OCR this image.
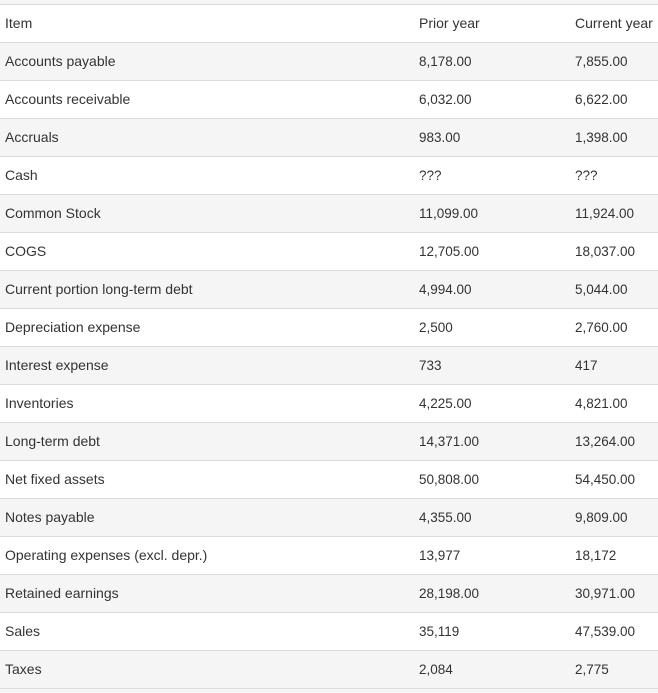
Item	Prior year	Current year
Accounts payable	8,178.00	7,855.00
Accounts receivable	6,032.00	6,622.00
Accruals	983.00	1,398.00
Cash	???	???
Common Stock	11,099.00	11,924.00
COGS	12,705.00	18,037.00
Current portion long-term debt	4,994.00	5,044.00
Depreciation expense	2,500	2,760.00
Interest expense	733	417
Inventories	4,225.00	4,821.00
Long-term debt	14,371.00	13,264.00
Net fixed assets	50,808.00	54,450.00
Notes payable	4,355.00	9,809.00
Operating expenses (excl. depr.)	13,977	18,172
Retained earnings	28,198.00	30,971.00
Sales	35,119	47,539.00
Taxes	2,084	2,775
